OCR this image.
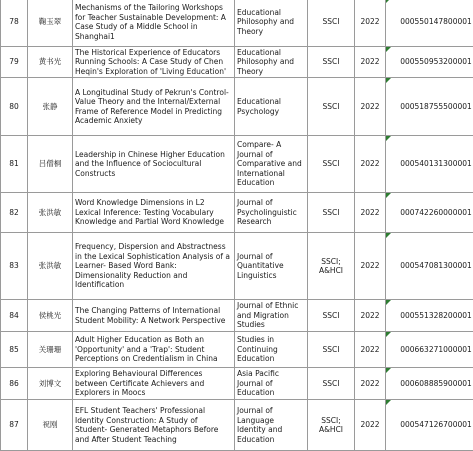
78	鞠玉翠	Mechanisms of the Tailoring Workshops for Teacher Sustainable Development: A Case Study of a Middle School in Shanghai1	Educational Philosophy and Theory	SSCI	2022	000550147800001
79	黄书光	The Historical Experience of Educators Running Schools: A Case Study of Chen Heqin's Exploration of 'Living Education'	Educational Philosophy and Theory	SSCI	2022	000550953200001
80	张静	A Longitudinal Study of Pekrun's Control- Value Theory and the Internal/External Frame of Reference Model in Predicting Academic Anxiety	Educational Psychology	SSCI	2022	000518755500001
81	吕僧桐	Leadership in Chinese Higher Education and the Influence of Sociocultural Constructs	Compare- A Journal of Comparative and International Education	SSCI	2022	000540131300001
82	张洪敏	Word Knowledge Dimensions in L2 Lexical Inference: Testing Vocabulary Knowledge and Partial Word Knowledge	Journal of Psycholinguistic Research	SSCI	2022	000742260000001
83	张洪敏	Frequency, Dispersion and Abstractness in the Lexical Sophistication Analysis of a Learner- Based Word Bank: Dimensionality Reduction and Identification	Journal of Quantitative Linguistics	SSCI; A&HCI	2022	000547081300001
84	侯桃光	The Changing Patterns of International Student Mobility: A Network Perspective	Journal of Ethnic and Migration Studies	SSCI	2022	000551328200001
85	关珊珊	Adult Higher Education as Both an 'Opportunity' and a 'Trap': Student Perceptions on Credentialism in China	Studies in Continuing Education	SSCI	2022	000663271000001
86	刘博文	Exploring Behavioural Differences between Certificate Achievers and Explorers in Moocs	Asia Pacific Journal of Education	SSCI	2022	000608885900001
87	祝刚	EFL Student Teachers' Professional Identity Construction: A Study of Student- Generated Metaphors Before and After Student Teaching	Journal of Language Identity and Education	SSCI; A&HCI	2022	000547126700001
